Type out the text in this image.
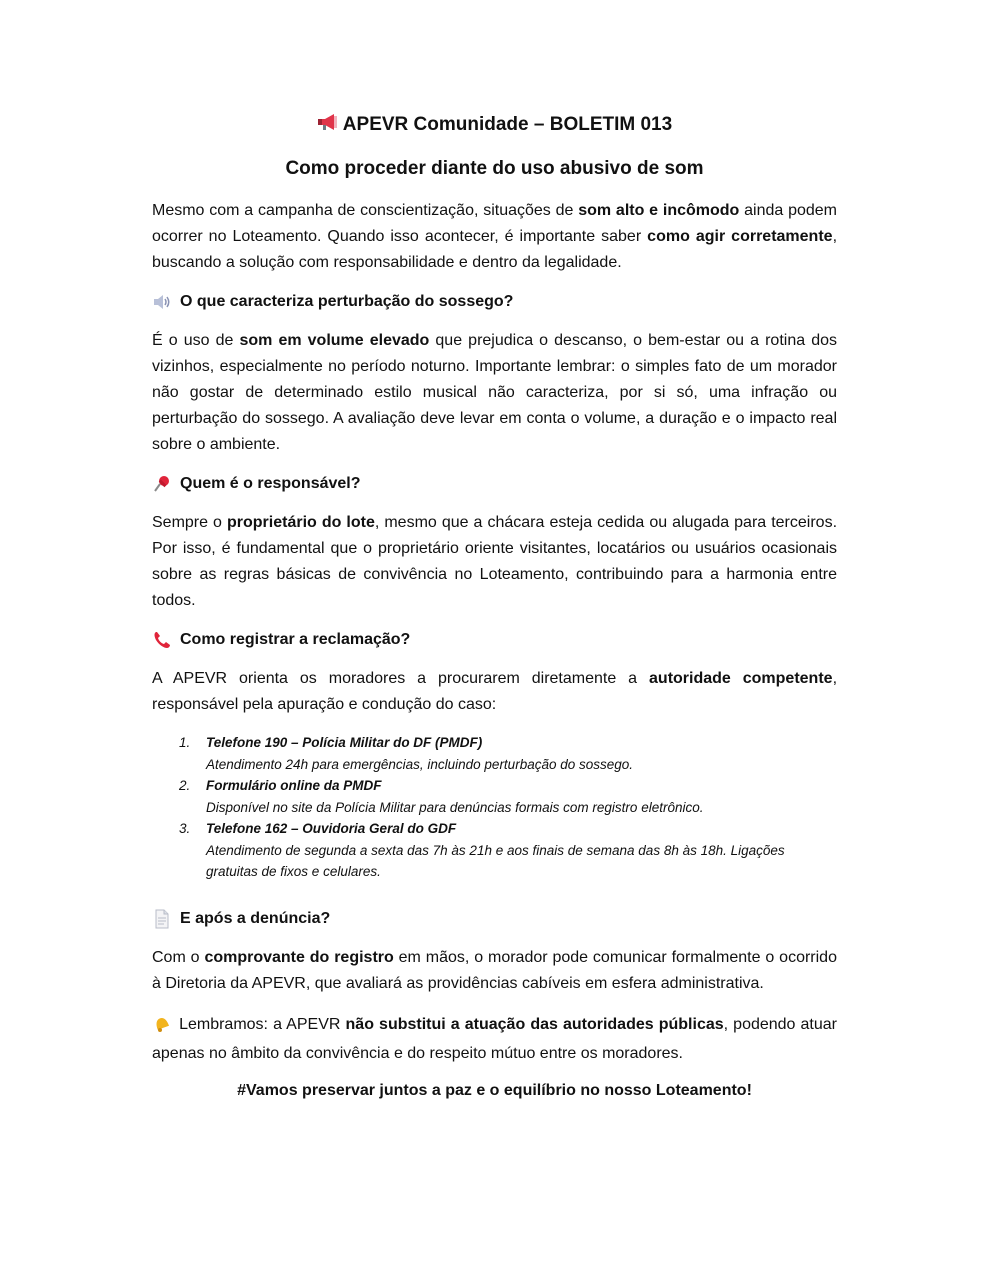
APEVR Comunidade – BOLETIM 013
Como proceder diante do uso abusivo de som

Mesmo com a campanha de conscientização, situações de som alto e incômodo ainda podem ocorrer no Loteamento. Quando isso acontecer, é importante saber como agir corretamente, buscando a solução com responsabilidade e dentro da legalidade.

O que caracteriza perturbação do sossego?

É o uso de som em volume elevado que prejudica o descanso, o bem-estar ou a rotina dos vizinhos, especialmente no período noturno. Importante lembrar: o simples fato de um morador não gostar de determinado estilo musical não caracteriza, por si só, uma infração ou perturbação do sossego. A avaliação deve levar em conta o volume, a duração e o impacto real sobre o ambiente.

Quem é o responsável?

Sempre o proprietário do lote, mesmo que a chácara esteja cedida ou alugada para terceiros. Por isso, é fundamental que o proprietário oriente visitantes, locatários ou usuários ocasionais sobre as regras básicas de convivência no Loteamento, contribuindo para a harmonia entre todos.

Como registrar a reclamação?

A APEVR orienta os moradores a procurarem diretamente a autoridade competente, responsável pela apuração e condução do caso:

1. Telefone 190 – Polícia Militar do DF (PMDF)
Atendimento 24h para emergências, incluindo perturbação do sossego.
2. Formulário online da PMDF
Disponível no site da Polícia Militar para denúncias formais com registro eletrônico.
3. Telefone 162 – Ouvidoria Geral do GDF
Atendimento de segunda a sexta das 7h às 21h e aos finais de semana das 8h às 18h. Ligações gratuitas de fixos e celulares.
E após a denúncia?

Com o comprovante do registro em mãos, o morador pode comunicar formalmente o ocorrido à Diretoria da APEVR, que avaliará as providências cabíveis em esfera administrativa.

Lembramos: a APEVR não substitui a atuação das autoridades públicas, podendo atuar apenas no âmbito da convivência e do respeito mútuo entre os moradores.

#Vamos preservar juntos a paz e o equilíbrio no nosso Loteamento!
